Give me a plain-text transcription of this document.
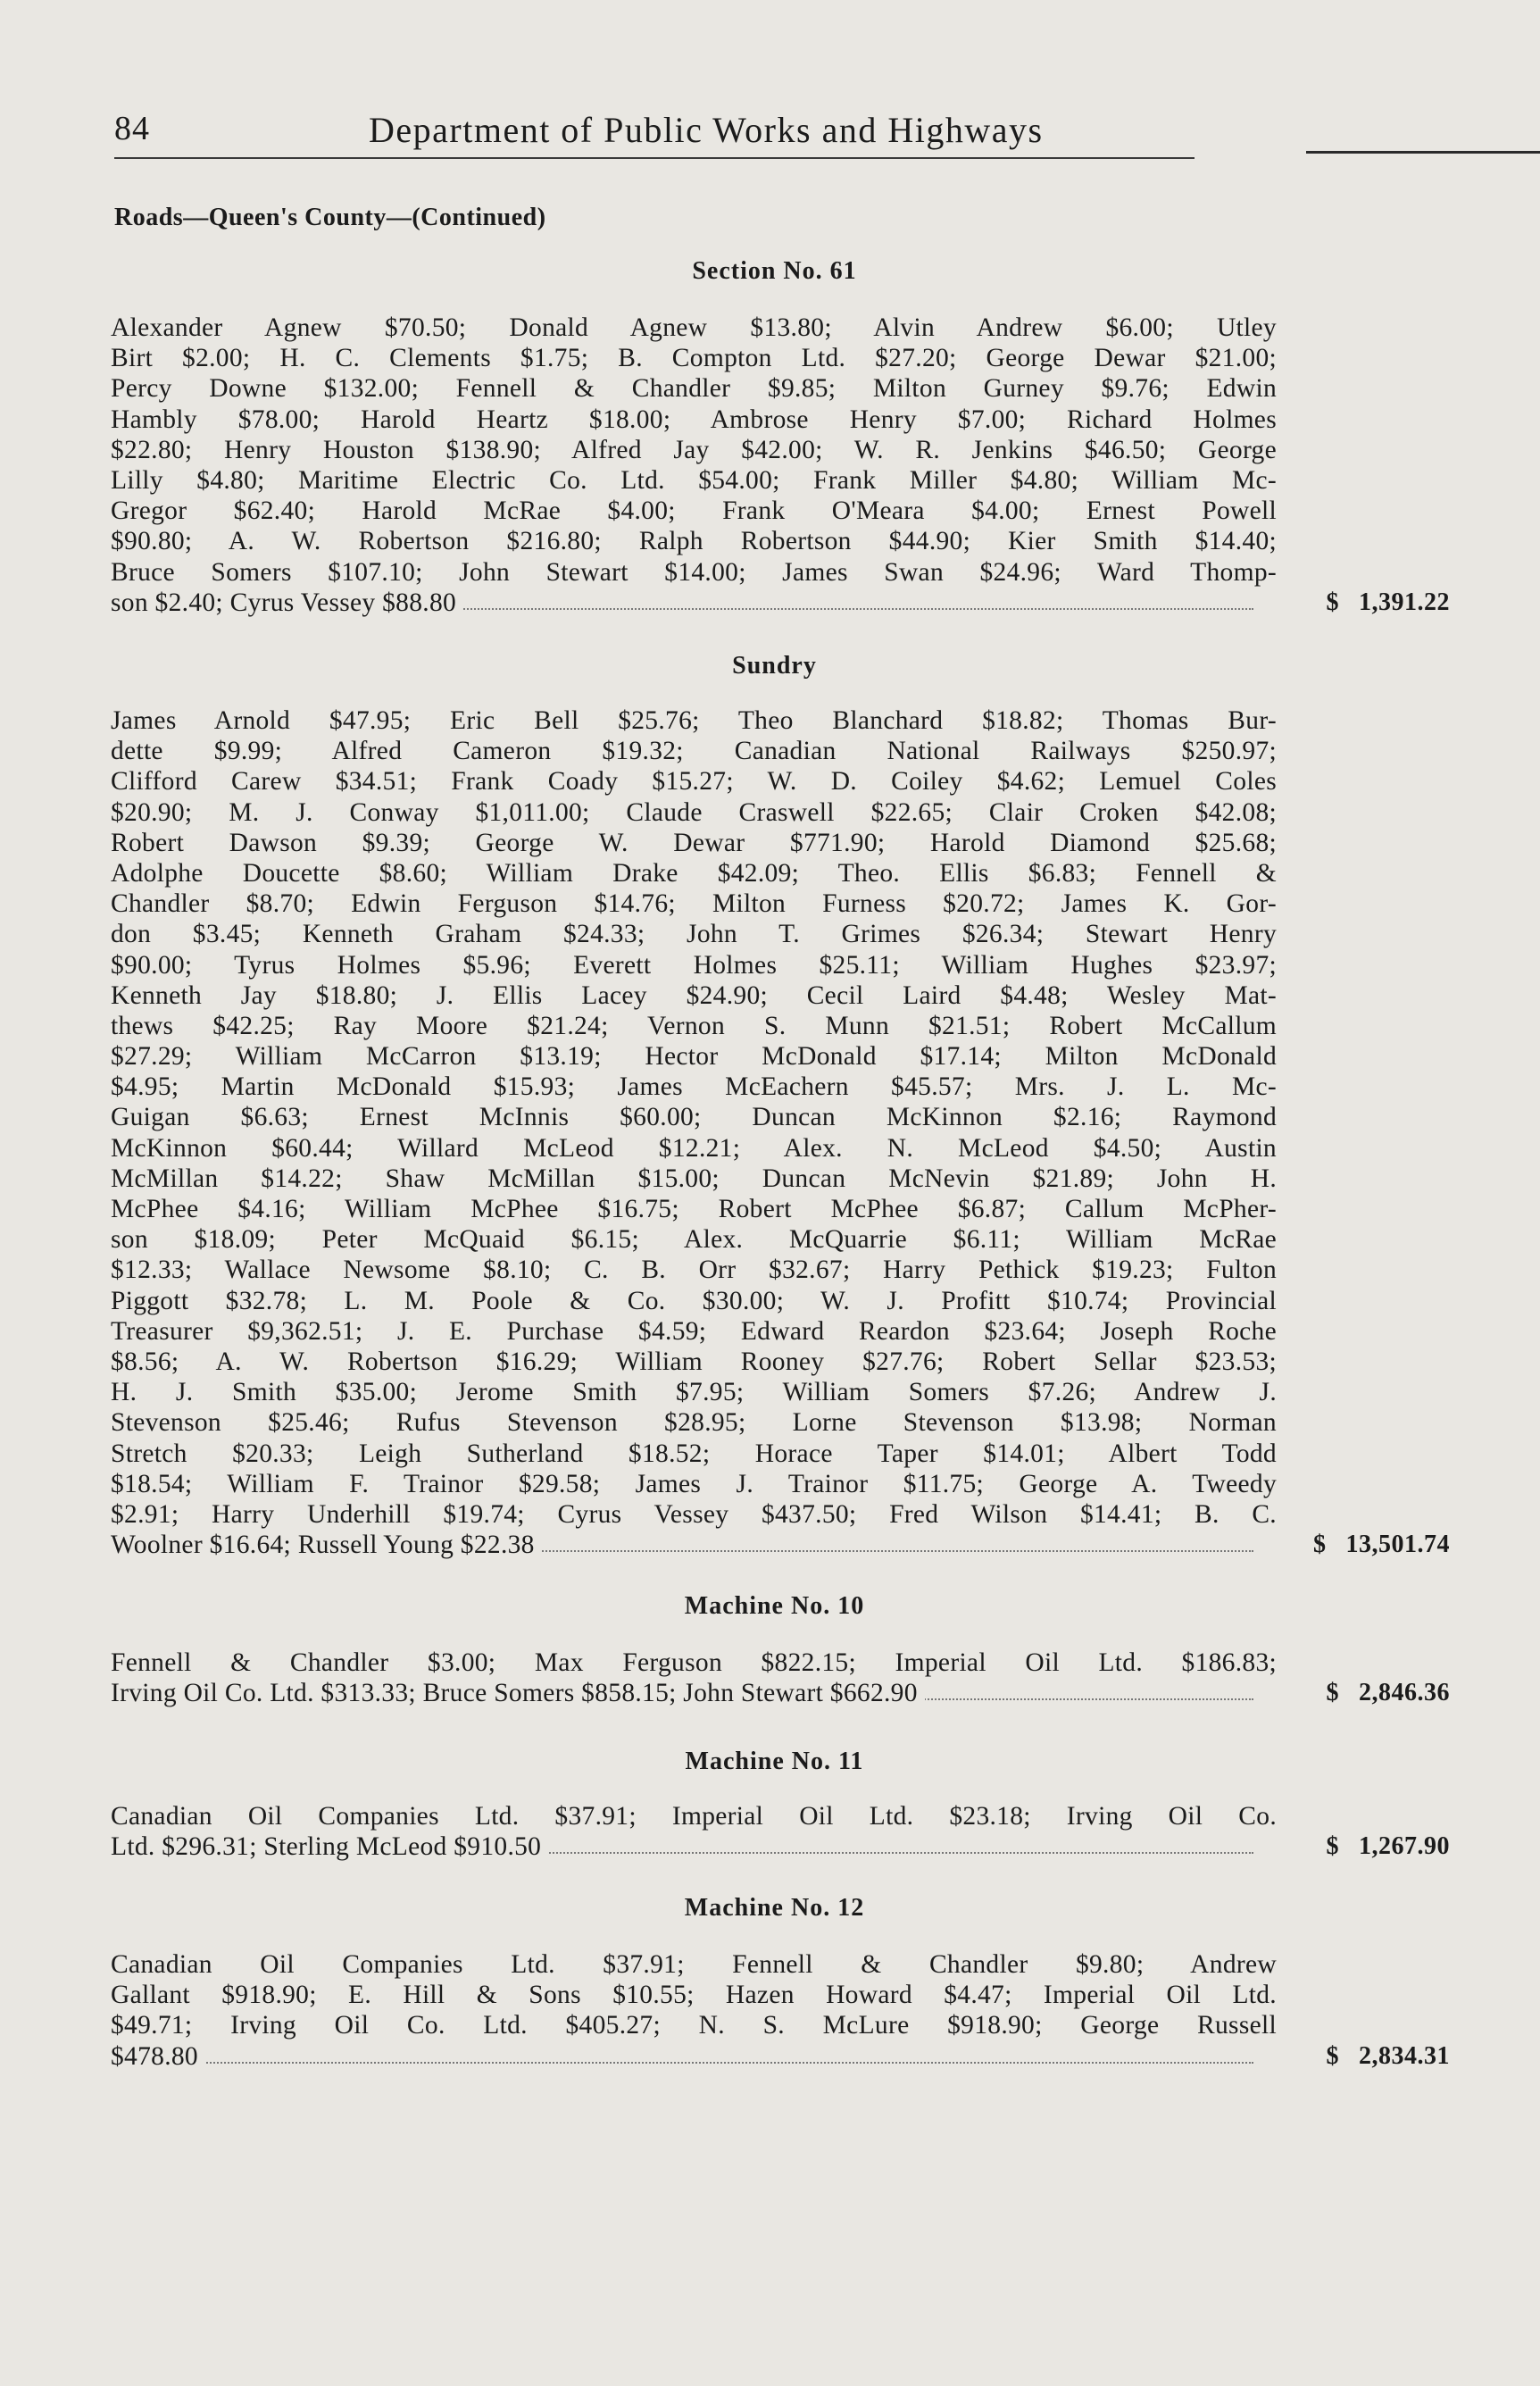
84	Department of Public Works and Highways
Roads—Queen's County—(Continued)
Section No. 61
Alexander Agnew $70.50; Donald Agnew $13.80; Alvin Andrew $6.00; Utley
Birt $2.00; H. C. Clements $1.75; B. Compton Ltd. $27.20; George Dewar $21.00;
Percy Downe $132.00; Fennell & Chandler $9.85; Milton Gurney $9.76; Edwin
Hambly $78.00; Harold Heartz $18.00; Ambrose Henry $7.00; Richard Holmes
$22.80; Henry Houston $138.90; Alfred Jay $42.00; W. R. Jenkins $46.50; George
Lilly $4.80; Maritime Electric Co. Ltd. $54.00; Frank Miller $4.80; William Mc-
Gregor $62.40; Harold McRae $4.00; Frank O'Meara $4.00; Ernest Powell
$90.80; A. W. Robertson $216.80; Ralph Robertson $44.90; Kier Smith $14.40;
Bruce Somers $107.10; John Stewart $14.00; James Swan $24.96; Ward Thomp-
son $2.40; Cyrus Vessey $88.80	$ 1,391.22
Sundry
James Arnold $47.95; Eric Bell $25.76; Theo Blanchard $18.82; Thomas Bur-
dette $9.99; Alfred Cameron $19.32; Canadian National Railways $250.97;
Clifford Carew $34.51; Frank Coady $15.27; W. D. Coiley $4.62; Lemuel Coles
$20.90; M. J. Conway $1,011.00; Claude Craswell $22.65; Clair Croken $42.08;
Robert Dawson $9.39; George W. Dewar $771.90; Harold Diamond $25.68;
Adolphe Doucette $8.60; William Drake $42.09; Theo. Ellis $6.83; Fennell &
Chandler $8.70; Edwin Ferguson $14.76; Milton Furness $20.72; James K. Gor-
don $3.45; Kenneth Graham $24.33; John T. Grimes $26.34; Stewart Henry
$90.00; Tyrus Holmes $5.96; Everett Holmes $25.11; William Hughes $23.97;
Kenneth Jay $18.80; J. Ellis Lacey $24.90; Cecil Laird $4.48; Wesley Mat-
thews $42.25; Ray Moore $21.24; Vernon S. Munn $21.51; Robert McCallum
$27.29; William McCarron $13.19; Hector McDonald $17.14; Milton McDonald
$4.95; Martin McDonald $15.93; James McEachern $45.57; Mrs. J. L. Mc-
Guigan $6.63; Ernest McInnis $60.00; Duncan McKinnon $2.16; Raymond
McKinnon $60.44; Willard McLeod $12.21; Alex. N. McLeod $4.50; Austin
McMillan $14.22; Shaw McMillan $15.00; Duncan McNevin $21.89; John H.
McPhee $4.16; William McPhee $16.75; Robert McPhee $6.87; Callum McPher-
son $18.09; Peter McQuaid $6.15; Alex. McQuarrie $6.11; William McRae
$12.33; Wallace Newsome $8.10; C. B. Orr $32.67; Harry Pethick $19.23; Fulton
Piggott $32.78; L. M. Poole & Co. $30.00; W. J. Profitt $10.74; Provincial
Treasurer $9,362.51; J. E. Purchase $4.59; Edward Reardon $23.64; Joseph Roche
$8.56; A. W. Robertson $16.29; William Rooney $27.76; Robert Sellar $23.53;
H. J. Smith $35.00; Jerome Smith $7.95; William Somers $7.26; Andrew J.
Stevenson $25.46; Rufus Stevenson $28.95; Lorne Stevenson $13.98; Norman
Stretch $20.33; Leigh Sutherland $18.52; Horace Taper $14.01; Albert Todd
$18.54; William F. Trainor $29.58; James J. Trainor $11.75; George A. Tweedy
$2.91; Harry Underhill $19.74; Cyrus Vessey $437.50; Fred Wilson $14.41; B. C.
Woolner $16.64; Russell Young $22.38	$ 13,501.74
Machine No. 10
Fennell & Chandler $3.00; Max Ferguson $822.15; Imperial Oil Ltd. $186.83;
Irving Oil Co. Ltd. $313.33; Bruce Somers $858.15; John Stewart $662.90	$ 2,846.36
Machine No. 11
Canadian Oil Companies Ltd. $37.91; Imperial Oil Ltd. $23.18; Irving Oil Co.
Ltd. $296.31; Sterling McLeod $910.50	$ 1,267.90
Machine No. 12
Canadian Oil Companies Ltd. $37.91; Fennell & Chandler $9.80; Andrew
Gallant $918.90; E. Hill & Sons $10.55; Hazen Howard $4.47; Imperial Oil Ltd.
$49.71; Irving Oil Co. Ltd. $405.27; N. S. McLure $918.90; George Russell
$478.80	$ 2,834.31
